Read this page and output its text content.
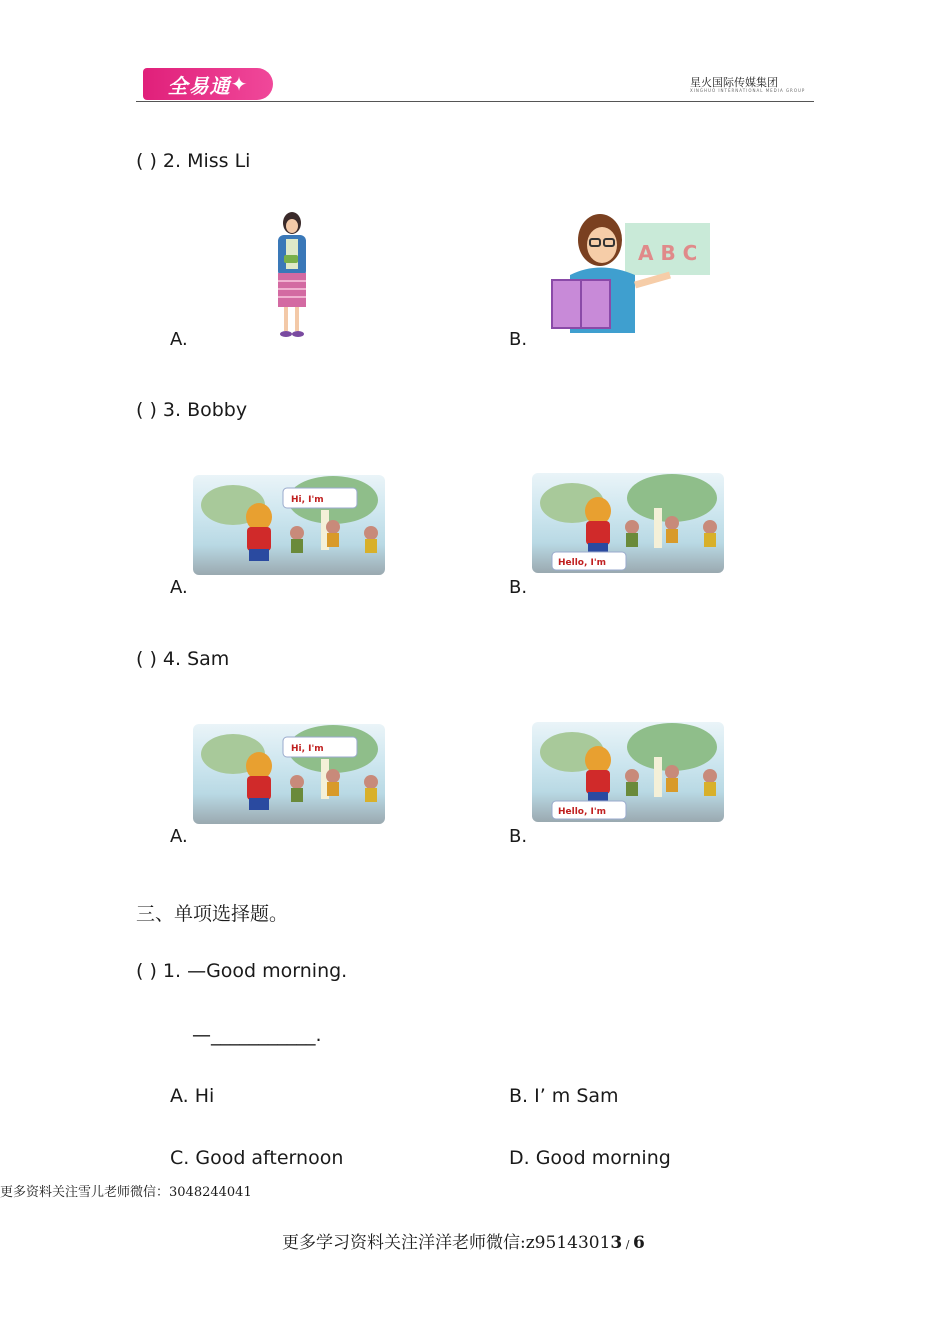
全易通 ✦	星火国际传媒集团
XINGHUO INTERNATIONAL MEDIA GROUP
( ) 2. Miss Li
A.
A B C
B.
( ) 3. Bobby
Hi, I'm
A.
Hello, I'm
B.
( ) 4. Sam
Hi, I'm
A.
Hello, I'm
B.
三、单项选择题。
( ) 1. —Good morning.
—___________.
A. Hi	B. I’ m Sam
C. Good afternoon	D. Good morning
更多资料关注雪儿老师微信：3048244041
更多学习资料关注洋洋老师微信:z95143013 / 6
